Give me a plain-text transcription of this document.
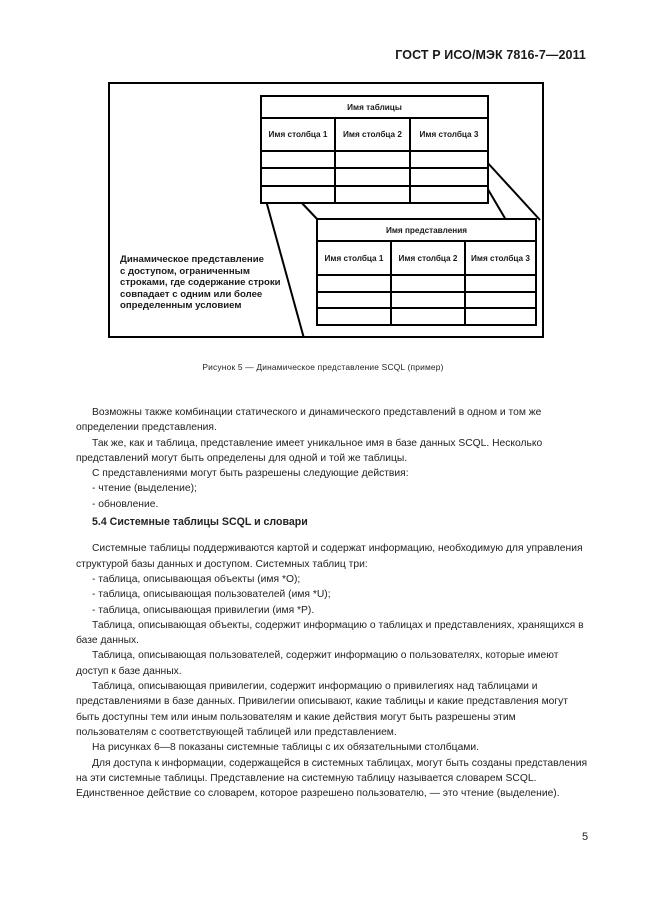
ГОСТ Р ИСО/МЭК 7816-7—2011
Имя таблицы		
Имя столбца 1	Имя столбца 2	Имя столбца 3

Имя представления		
Имя столбца 1	Имя столбца 2	Имя столбца 3

Динамическое представление
с доступом, ограниченным
строками, где содержание строки
совпадает с одним или более
определенным условием
Рисунок 5 — Динамическое представление SCQL (пример)

Возможны также комбинации статического и динамического представлений в одном и том же определении представления.

Так же, как и таблица, представление имеет уникальное имя в базе данных SCQL. Несколько представлений могут быть определены для одной и той же таблицы.

С представлениями могут быть разрешены следующие действия:

- чтение (выделение);

- обновление.

5.4 Системные таблицы SCQL и словари

Системные таблицы поддерживаются картой и содержат информацию, необходимую для управления структурой базы данных и доступом. Системных таблиц три:

- таблица, описывающая объекты (имя *O);

- таблица, описывающая пользователей (имя *U);

- таблица, описывающая привилегии (имя *P).

Таблица, описывающая объекты, содержит информацию о таблицах и представлениях, хранящихся в базе данных.

Таблица, описывающая пользователей, содержит информацию о пользователях, которые имеют доступ к базе данных.

Таблица, описывающая привилегии, содержит информацию о привилегиях над таблицами и представлениями в базе данных. Привилегии описывают, какие таблицы и какие представления могут быть доступны тем или иным пользователям и какие действия могут быть разрешены этим пользователям с соответствующей таблицей или представлением.

На рисунках 6—8 показаны системные таблицы с их обязательными столбцами.

Для доступа к информации, содержащейся в системных таблицах, могут быть созданы представления на эти системные таблицы. Представление на системную таблицу называется словарем SCQL. Единственное действие со словарем, которое разрешено пользователю, — это чтение (выделение).

5
